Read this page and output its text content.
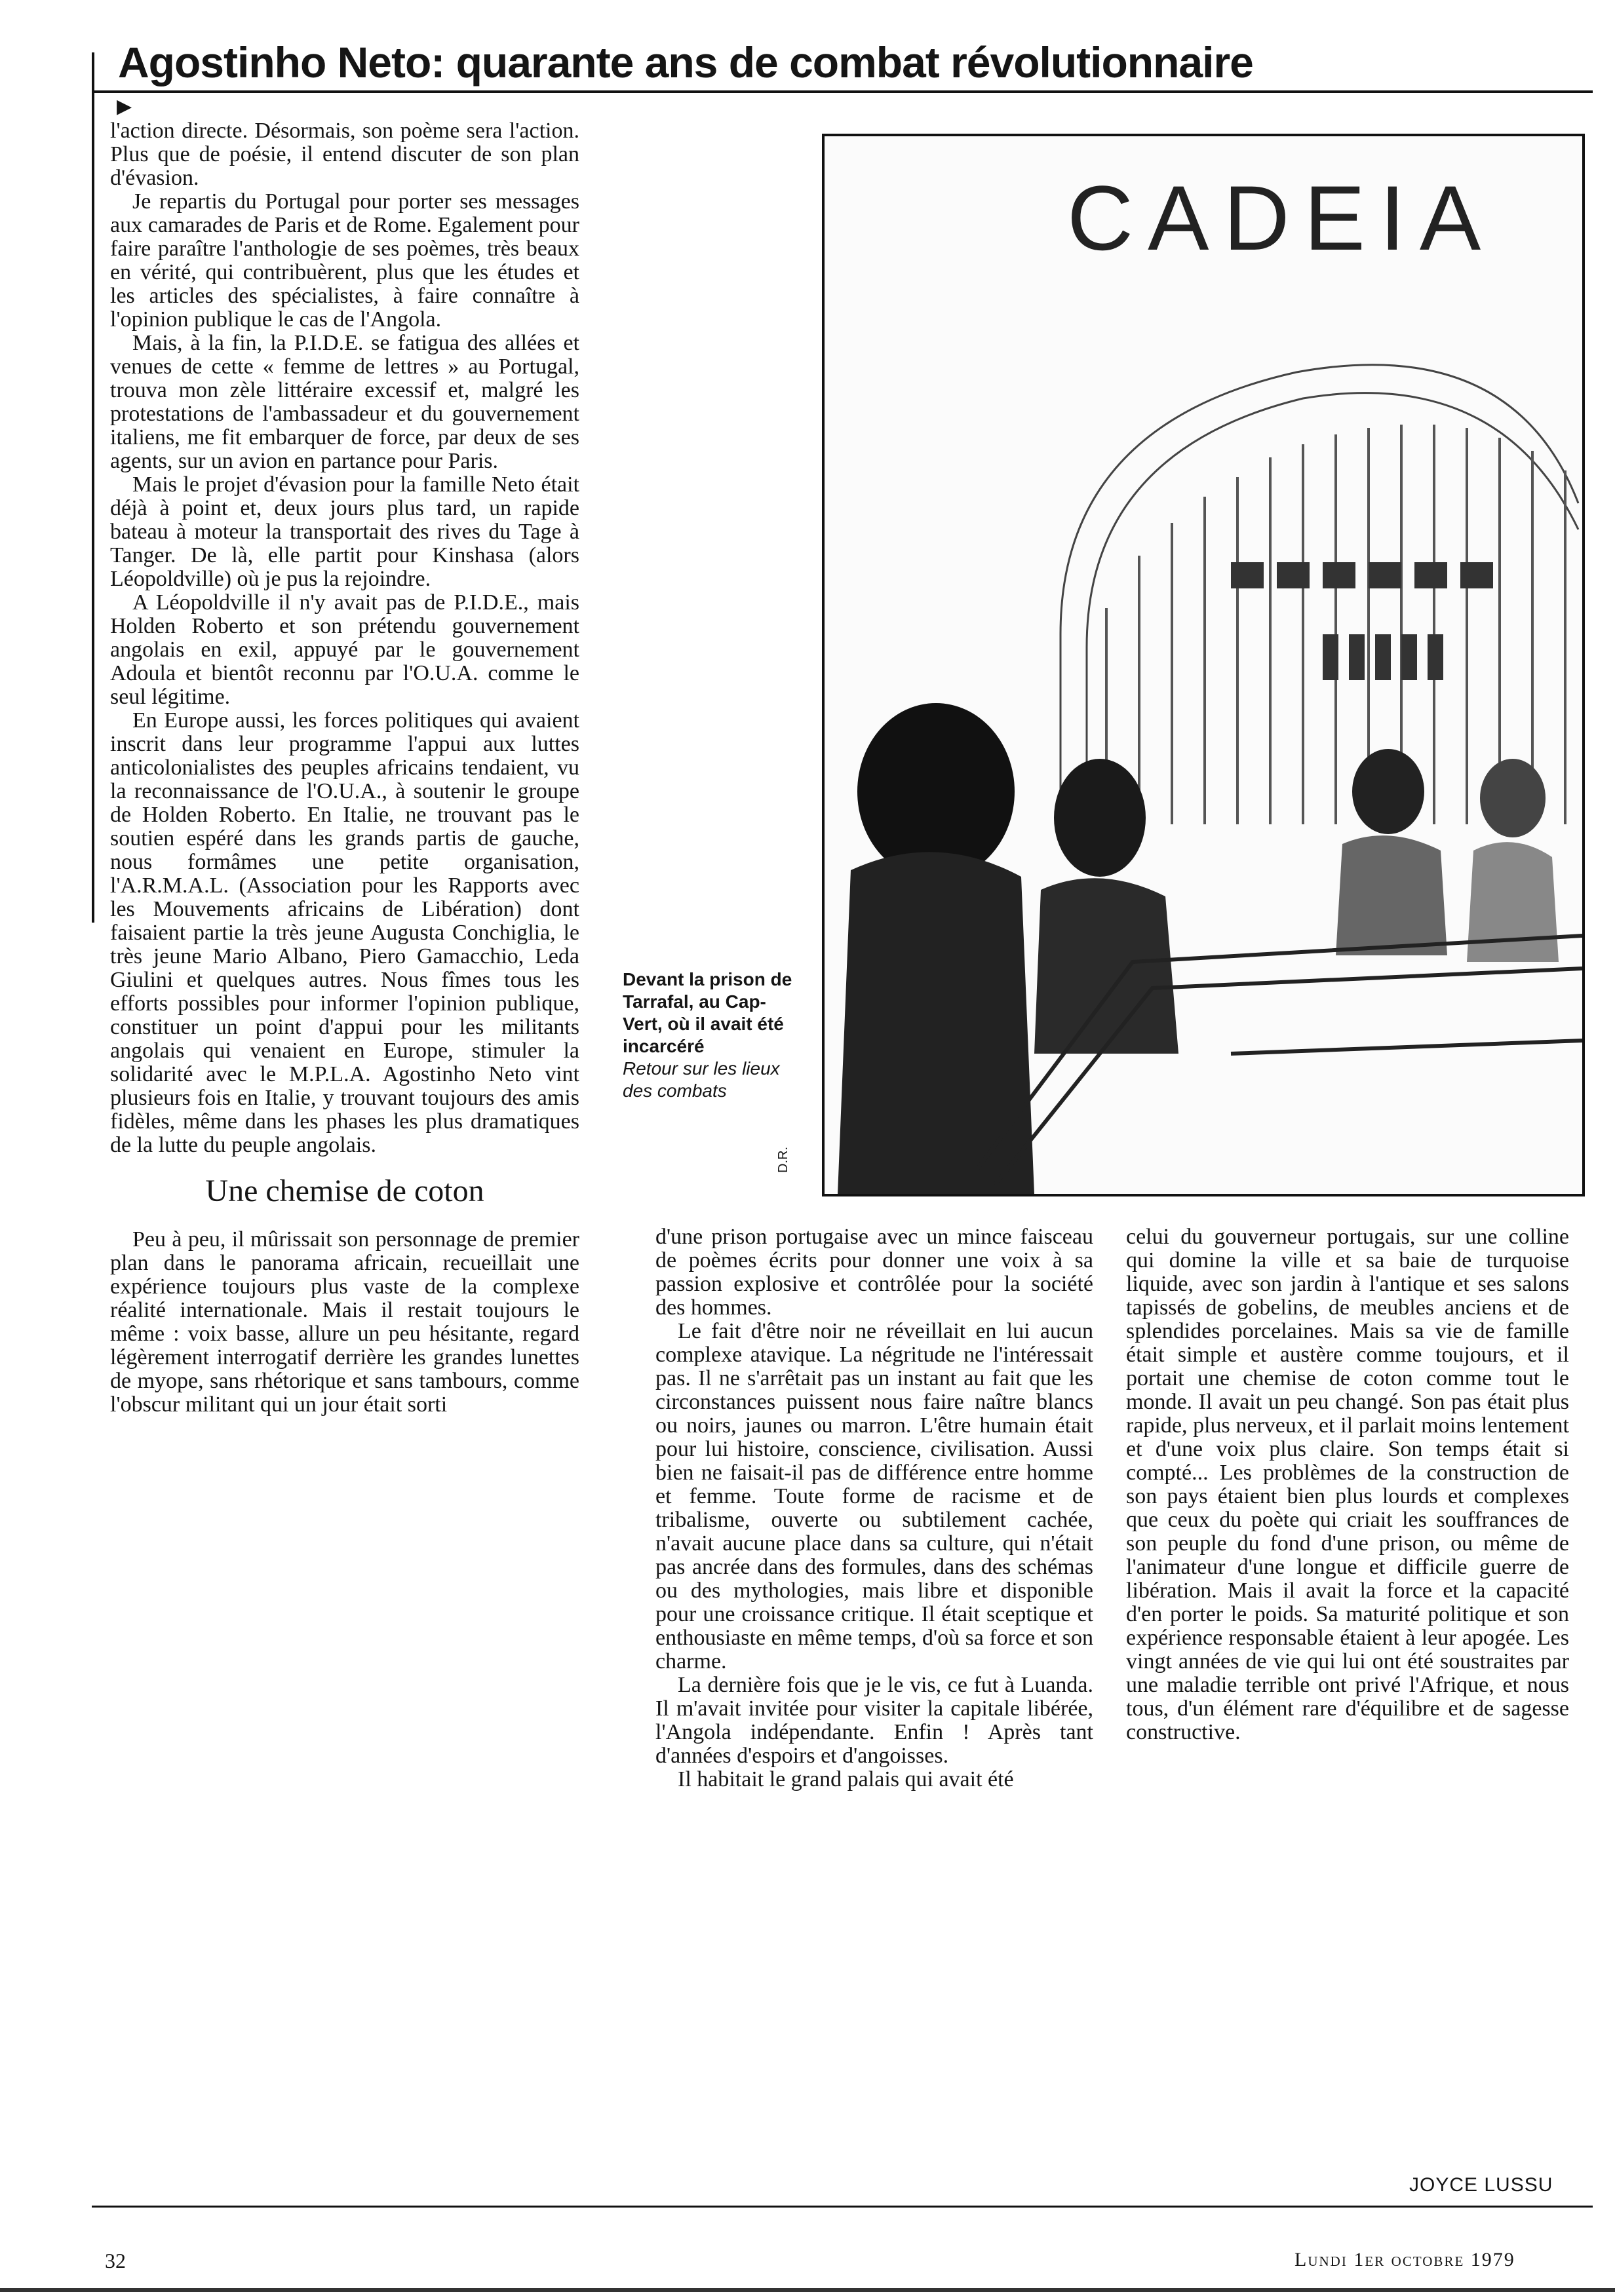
Agostinho Neto: quarante ans de combat révolutionnaire
▶

l'action directe. Désormais, son poème sera l'action. Plus que de poésie, il entend discuter de son plan d'évasion.

Je repartis du Portugal pour porter ses messages aux camarades de Paris et de Rome. Egalement pour faire paraître l'anthologie de ses poèmes, très beaux en vérité, qui contribuèrent, plus que les études et les articles des spécialistes, à faire connaître à l'opinion publique le cas de l'Angola.

Mais, à la fin, la P.I.D.E. se fatigua des allées et venues de cette « femme de lettres » au Portugal, trouva mon zèle littéraire excessif et, malgré les protestations de l'ambassadeur et du gouvernement italiens, me fit embarquer de force, par deux de ses agents, sur un avion en partance pour Paris.

Mais le projet d'évasion pour la famille Neto était déjà à point et, deux jours plus tard, un rapide bateau à moteur la transportait des rives du Tage à Tanger. De là, elle partit pour Kinshasa (alors Léopoldville) où je pus la rejoindre.

A Léopoldville il n'y avait pas de P.I.D.E., mais Holden Roberto et son prétendu gouvernement angolais en exil, appuyé par le gouvernement Adoula et bientôt reconnu par l'O.U.A. comme le seul légitime.

En Europe aussi, les forces politiques qui avaient inscrit dans leur programme l'appui aux luttes anticolonialistes des peuples africains tendaient, vu la reconnaissance de l'O.U.A., à soutenir le groupe de Holden Roberto. En Italie, ne trouvant pas le soutien espéré dans les grands partis de gauche, nous formâmes une petite organisation, l'A.R.M.A.L. (Association pour les Rapports avec les Mouvements africains de Libération) dont faisaient partie la très jeune Augusta Conchiglia, le très jeune Mario Albano, Piero Gamacchio, Leda Giulini et quelques autres. Nous fîmes tous les efforts possibles pour informer l'opinion publique, constituer un point d'appui pour les militants angolais qui venaient en Europe, stimuler la solidarité avec le M.P.L.A. Agostinho Neto vint plusieurs fois en Italie, y trouvant toujours des amis fidèles, même dans les phases les plus dramatiques de la lutte du peuple angolais.

Une chemise de coton

Peu à peu, il mûrissait son personnage de premier plan dans le panorama africain, recueillait une expérience toujours plus vaste de la complexe réalité internationale. Mais il restait toujours le même : voix basse, allure un peu hésitante, regard légèrement interrogatif derrière les grandes lunettes de myope, sans rhétorique et sans tambours, comme l'obscur militant qui un jour était sorti

CADEIA
Devant la prison de Tarrafal, au Cap-Vert, où il avait été incarcéré
Retour sur les lieux des combats
D.R.

d'une prison portugaise avec un mince faisceau de poèmes écrits pour donner une voix à sa passion explosive et contrôlée pour la société des hommes.

Le fait d'être noir ne réveillait en lui aucun complexe atavique. La négritude ne l'intéressait pas. Il ne s'arrêtait pas un instant au fait que les circonstances puissent nous faire naître blancs ou noirs, jaunes ou marron. L'être humain était pour lui histoire, conscience, civilisation. Aussi bien ne faisait-il pas de différence entre homme et femme. Toute forme de racisme et de tribalisme, ouverte ou subtilement cachée, n'avait aucune place dans sa culture, qui n'était pas ancrée dans des formules, dans des schémas ou des mythologies, mais libre et disponible pour une croissance critique. Il était sceptique et enthousiaste en même temps, d'où sa force et son charme.

La dernière fois que je le vis, ce fut à Luanda. Il m'avait invitée pour visiter la capitale libérée, l'Angola indépendante. Enfin ! Après tant d'années d'espoirs et d'angoisses.

Il habitait le grand palais qui avait été

celui du gouverneur portugais, sur une colline qui domine la ville et sa baie de turquoise liquide, avec son jardin à l'antique et ses salons tapissés de gobelins, de meubles anciens et de splendides porcelaines. Mais sa vie de famille était simple et austère comme toujours, et il portait une chemise de coton comme tout le monde. Il avait un peu changé. Son pas était plus rapide, plus nerveux, et il parlait moins lentement et d'une voix plus claire. Son temps était si compté... Les problèmes de la construction de son pays étaient bien plus lourds et complexes que ceux du poète qui criait les souffrances de son peuple du fond d'une prison, ou même de l'animateur d'une longue et difficile guerre de libération. Mais il avait la force et la capacité d'en porter le poids. Sa maturité politique et son expérience responsable étaient à leur apogée. Les vingt années de vie qui lui ont été soustraites par une maladie terrible ont privé l'Afrique, et nous tous, d'un élément rare d'équilibre et de sagesse constructive.

JOYCE LUSSU
32	Lundi 1er octobre 1979
